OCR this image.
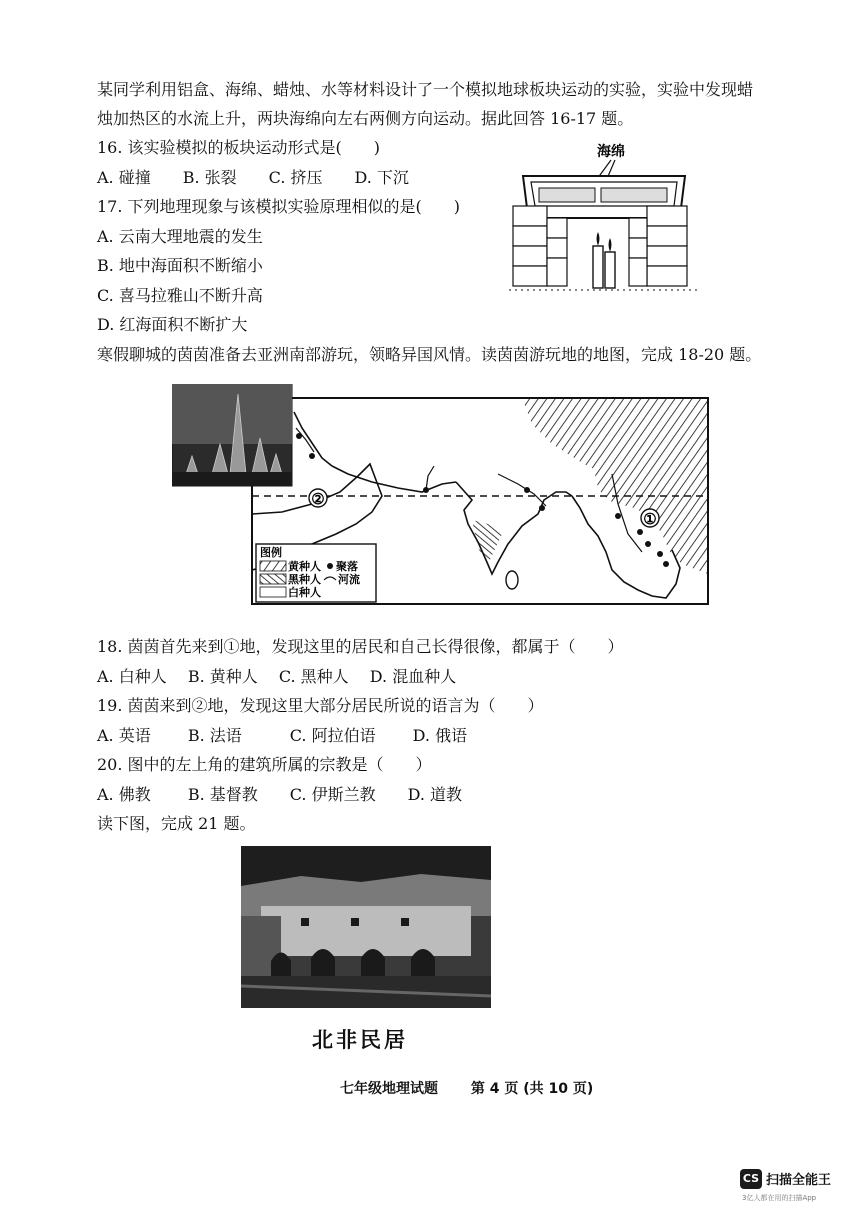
某同学利用铝盒、海绵、蜡烛、水等材料设计了一个模拟地球板块运动的实验，实验中发现蜡
烛加热区的水流上升，两块海绵向左右两侧方向运动。据此回答 16-17 题。
16. 该实验模拟的板块运动形式是(　　)
A. 碰撞　　B. 张裂　　C. 挤压　　D. 下沉
17. 下列地理现象与该模拟实验原理相似的是(　　)
A. 云南大理地震的发生
B. 地中海面积不断缩小
C. 喜马拉雅山不断升高
D. 红海面积不断扩大
海绵
寒假聊城的茵茵准备去亚洲南部游玩，领略异国风情。读茵茵游玩地的地图，完成 18-20 题。
②
①
图例
黄种人
黑种人
白种人
聚落
河流
18. 茵茵首先来到①地，发现这里的居民和自己长得很像，都属于（　　）
A. 白种人　 B. 黄种人　 C. 黑种人　 D. 混血种人
19. 茵茵来到②地，发现这里大部分居民所说的语言为（　　）
A. 英语　　 B. 法语　　　C. 阿拉伯语　　 D. 俄语
20. 图中的左上角的建筑所属的宗教是（　　）
A. 佛教　　 B. 基督教　　C. 伊斯兰教　　D. 道教
读下图，完成 21 题。
北非民居
七年级地理试题　　 第 4 页 (共 10 页)
CS 扫描全能王
3亿人都在用的扫描App
